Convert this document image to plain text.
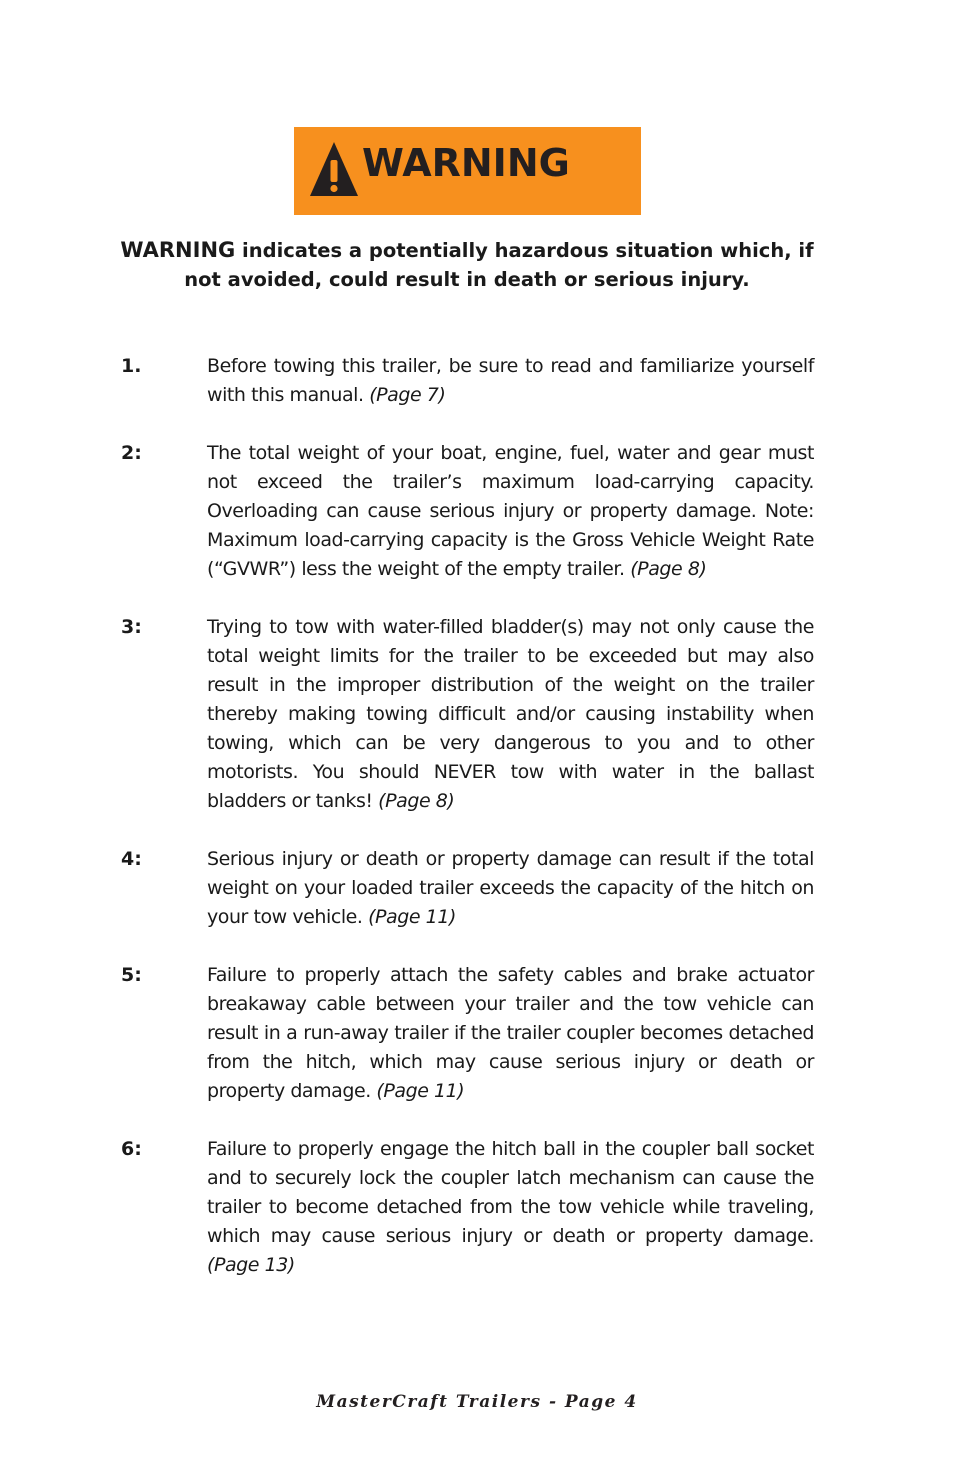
WARNING
WARNING indicates a potentially hazardous situation which, if not avoided, could result in death or serious injury.
1.	Before towing this trailer, be sure to read and familiarize yourself with this manual. (Page 7)
2:	The total weight of your boat, engine, fuel, water and gear must not exceed the trailer’s maximum load-carrying capacity. Overloading can cause serious injury or property damage. Note: Maximum load-carrying capacity is the Gross Vehicle Weight Rate (“GVWR”) less the weight of the empty trailer. (Page 8)
3:	Trying to tow with water-filled bladder(s) may not only cause the total weight limits for the trailer to be exceeded but may also result in the improper distribution of the weight on the trailer thereby making towing difficult and/or causing instability when towing, which can be very dangerous to you and to other motorists. You should NEVER tow with water in the ballast bladders or tanks! (Page 8)
4:	Serious injury or death or property damage can result if the total weight on your loaded trailer exceeds the capacity of the hitch on your tow vehicle. (Page 11)
5:	Failure to properly attach the safety cables and brake actuator breakaway cable between your trailer and the tow vehicle can result in a run-away trailer if the trailer coupler becomes detached from the hitch, which may cause serious injury or death or property damage. (Page 11)
6:	Failure to properly engage the hitch ball in the coupler ball socket and to securely lock the coupler latch mechanism can cause the trailer to become detached from the tow vehicle while traveling, which may cause serious injury or death or property damage. (Page 13)
MasterCraft Trailers - Page 4
